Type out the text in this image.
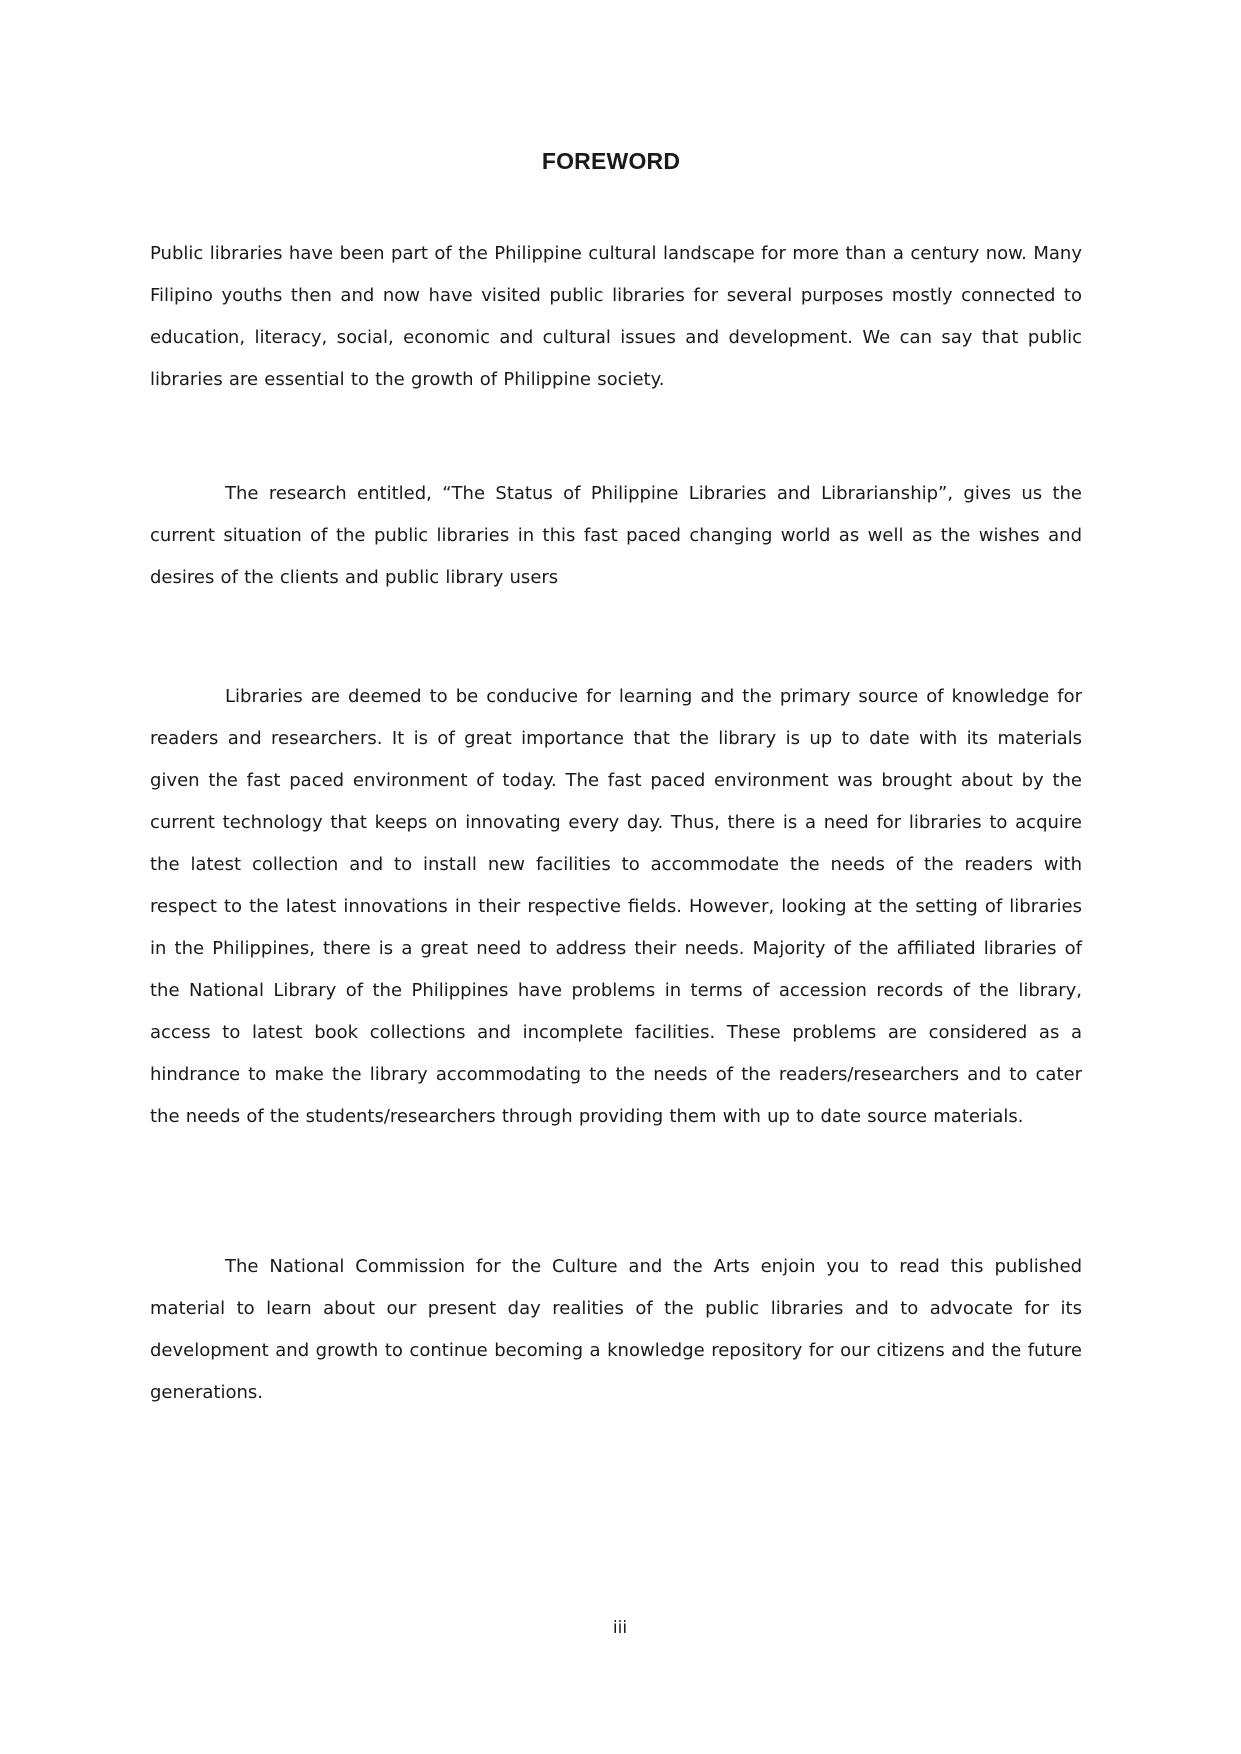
FOREWORD

Public libraries have been part of the Philippine cultural landscape for more than a century now. Many Filipino youths then and now have visited public libraries for several purposes mostly connected to education, literacy, social, economic and cultural issues and development. We can say that public libraries are essential to the growth of Philippine society.

The research entitled, “The Status of Philippine Libraries and Librarianship”, gives us the current situation of the public libraries in this fast paced changing world as well as the wishes and desires of the clients and public library users

Libraries are deemed to be conducive for learning and the primary source of knowledge for readers and researchers. It is of great importance that the library is up to date with its materials given the fast paced environment of today. The fast paced environment was brought about by the current technology that keeps on innovating every day. Thus, there is a need for libraries to acquire the latest collection and to install new facilities to accommodate the needs of the readers with respect to the latest innovations in their respective fields. However, looking at the setting of libraries in the Philippines, there is a great need to address their needs. Majority of the affiliated libraries of the National Library of the Philippines have problems in terms of accession records of the library, access to latest book collections and incomplete facilities. These problems are considered as a hindrance to make the library accommodating to the needs of the readers/researchers and to cater the needs of the students/researchers through providing them with up to date source materials.

The National Commission for the Culture and the Arts enjoin you to read this published material to learn about our present day realities of the public libraries and to advocate for its development and growth to continue becoming a knowledge repository for our citizens and the future generations.

iii
